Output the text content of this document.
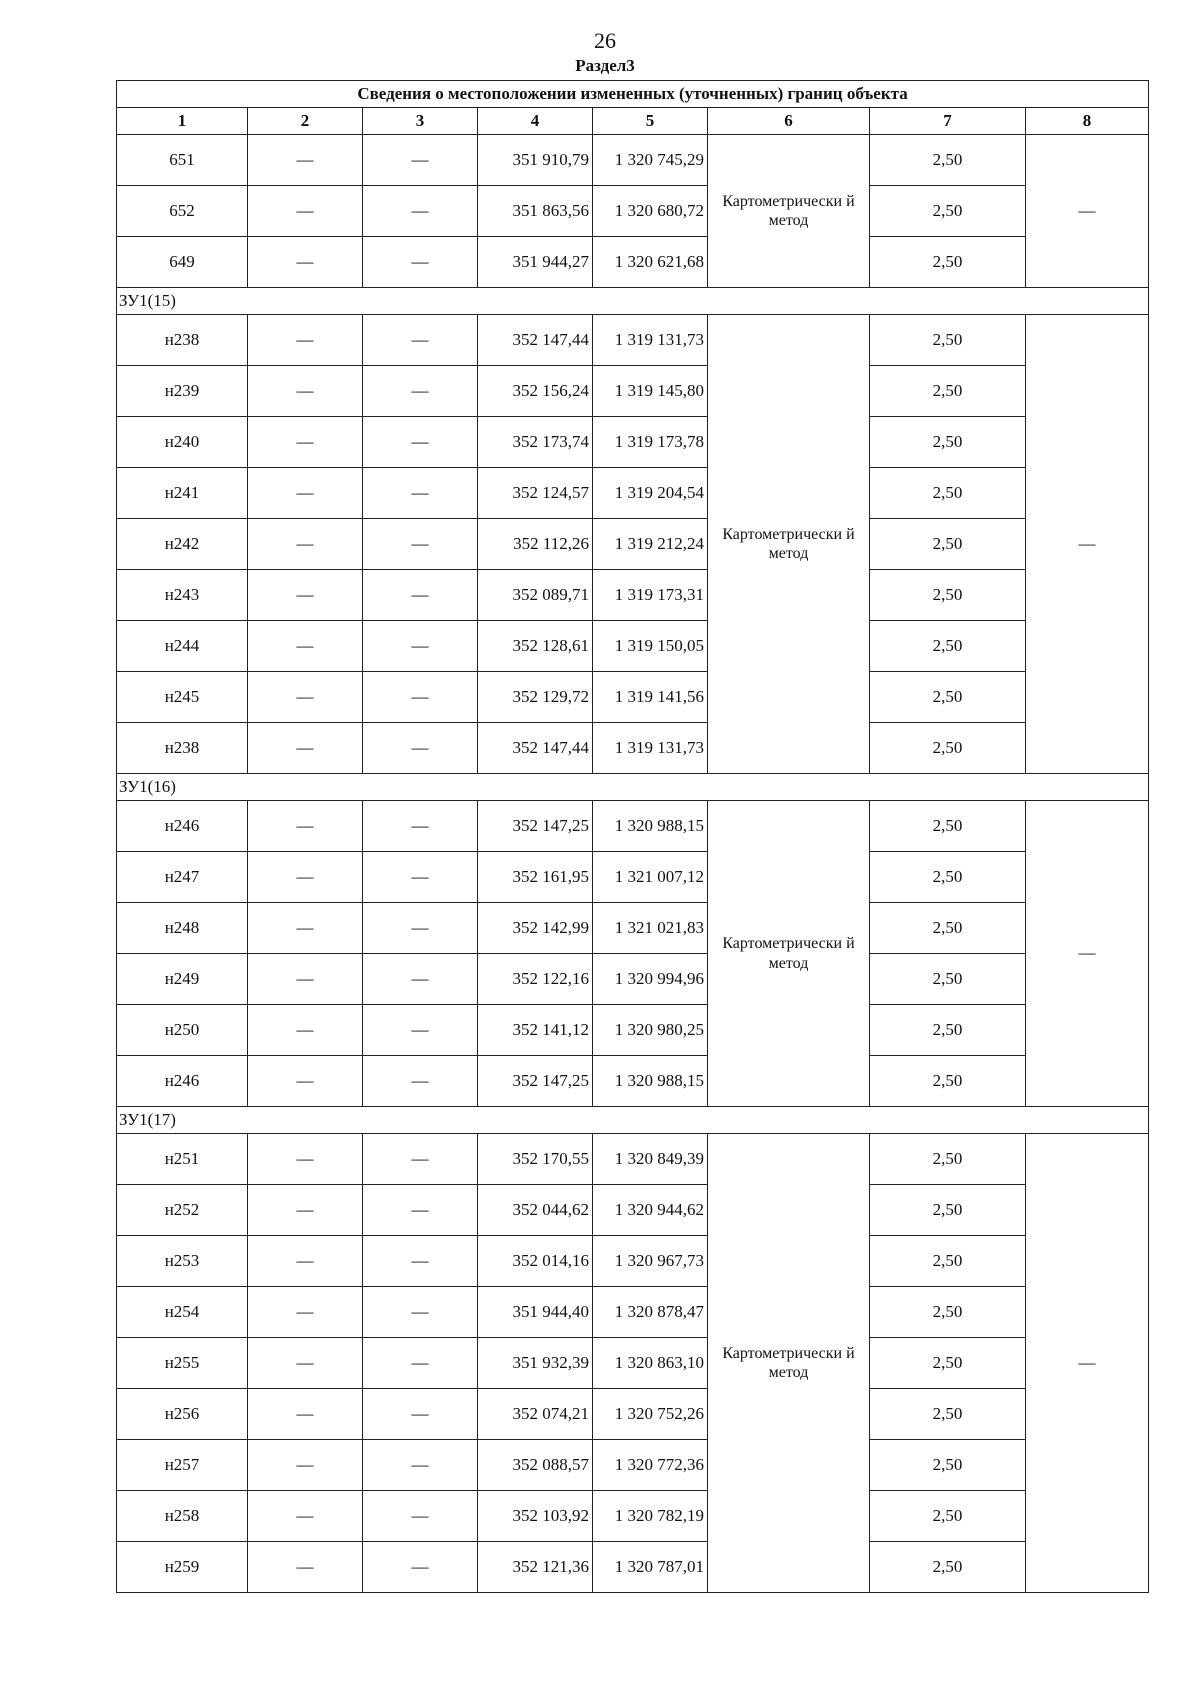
26
Раздел3
Сведения о местоположении измененных (уточненных) границ объекта							
1	2	3	4	5	6	7	8
651	—	—	351 910,79	1 320 745,29	Картометрически й метод	2,50	—
652	—	—	351 863,56	1 320 680,72		2,50	
649	—	—	351 944,27	1 320 621,68		2,50	
ЗУ1(15)							
н238	—	—	352 147,44	1 319 131,73	Картометрически й метод	2,50	—
н239	—	—	352 156,24	1 319 145,80		2,50	
н240	—	—	352 173,74	1 319 173,78		2,50	
н241	—	—	352 124,57	1 319 204,54		2,50	
н242	—	—	352 112,26	1 319 212,24		2,50	
н243	—	—	352 089,71	1 319 173,31		2,50	
н244	—	—	352 128,61	1 319 150,05		2,50	
н245	—	—	352 129,72	1 319 141,56		2,50	
н238	—	—	352 147,44	1 319 131,73		2,50	
ЗУ1(16)							
н246	—	—	352 147,25	1 320 988,15	Картометрически й метод	2,50	—
н247	—	—	352 161,95	1 321 007,12		2,50	
н248	—	—	352 142,99	1 321 021,83		2,50	
н249	—	—	352 122,16	1 320 994,96		2,50	
н250	—	—	352 141,12	1 320 980,25		2,50	
н246	—	—	352 147,25	1 320 988,15		2,50	
ЗУ1(17)							
н251	—	—	352 170,55	1 320 849,39	Картометрически й метод	2,50	—
н252	—	—	352 044,62	1 320 944,62		2,50	
н253	—	—	352 014,16	1 320 967,73		2,50	
н254	—	—	351 944,40	1 320 878,47		2,50	
н255	—	—	351 932,39	1 320 863,10		2,50	
н256	—	—	352 074,21	1 320 752,26		2,50	
н257	—	—	352 088,57	1 320 772,36		2,50	
н258	—	—	352 103,92	1 320 782,19		2,50	
н259	—	—	352 121,36	1 320 787,01		2,50	
